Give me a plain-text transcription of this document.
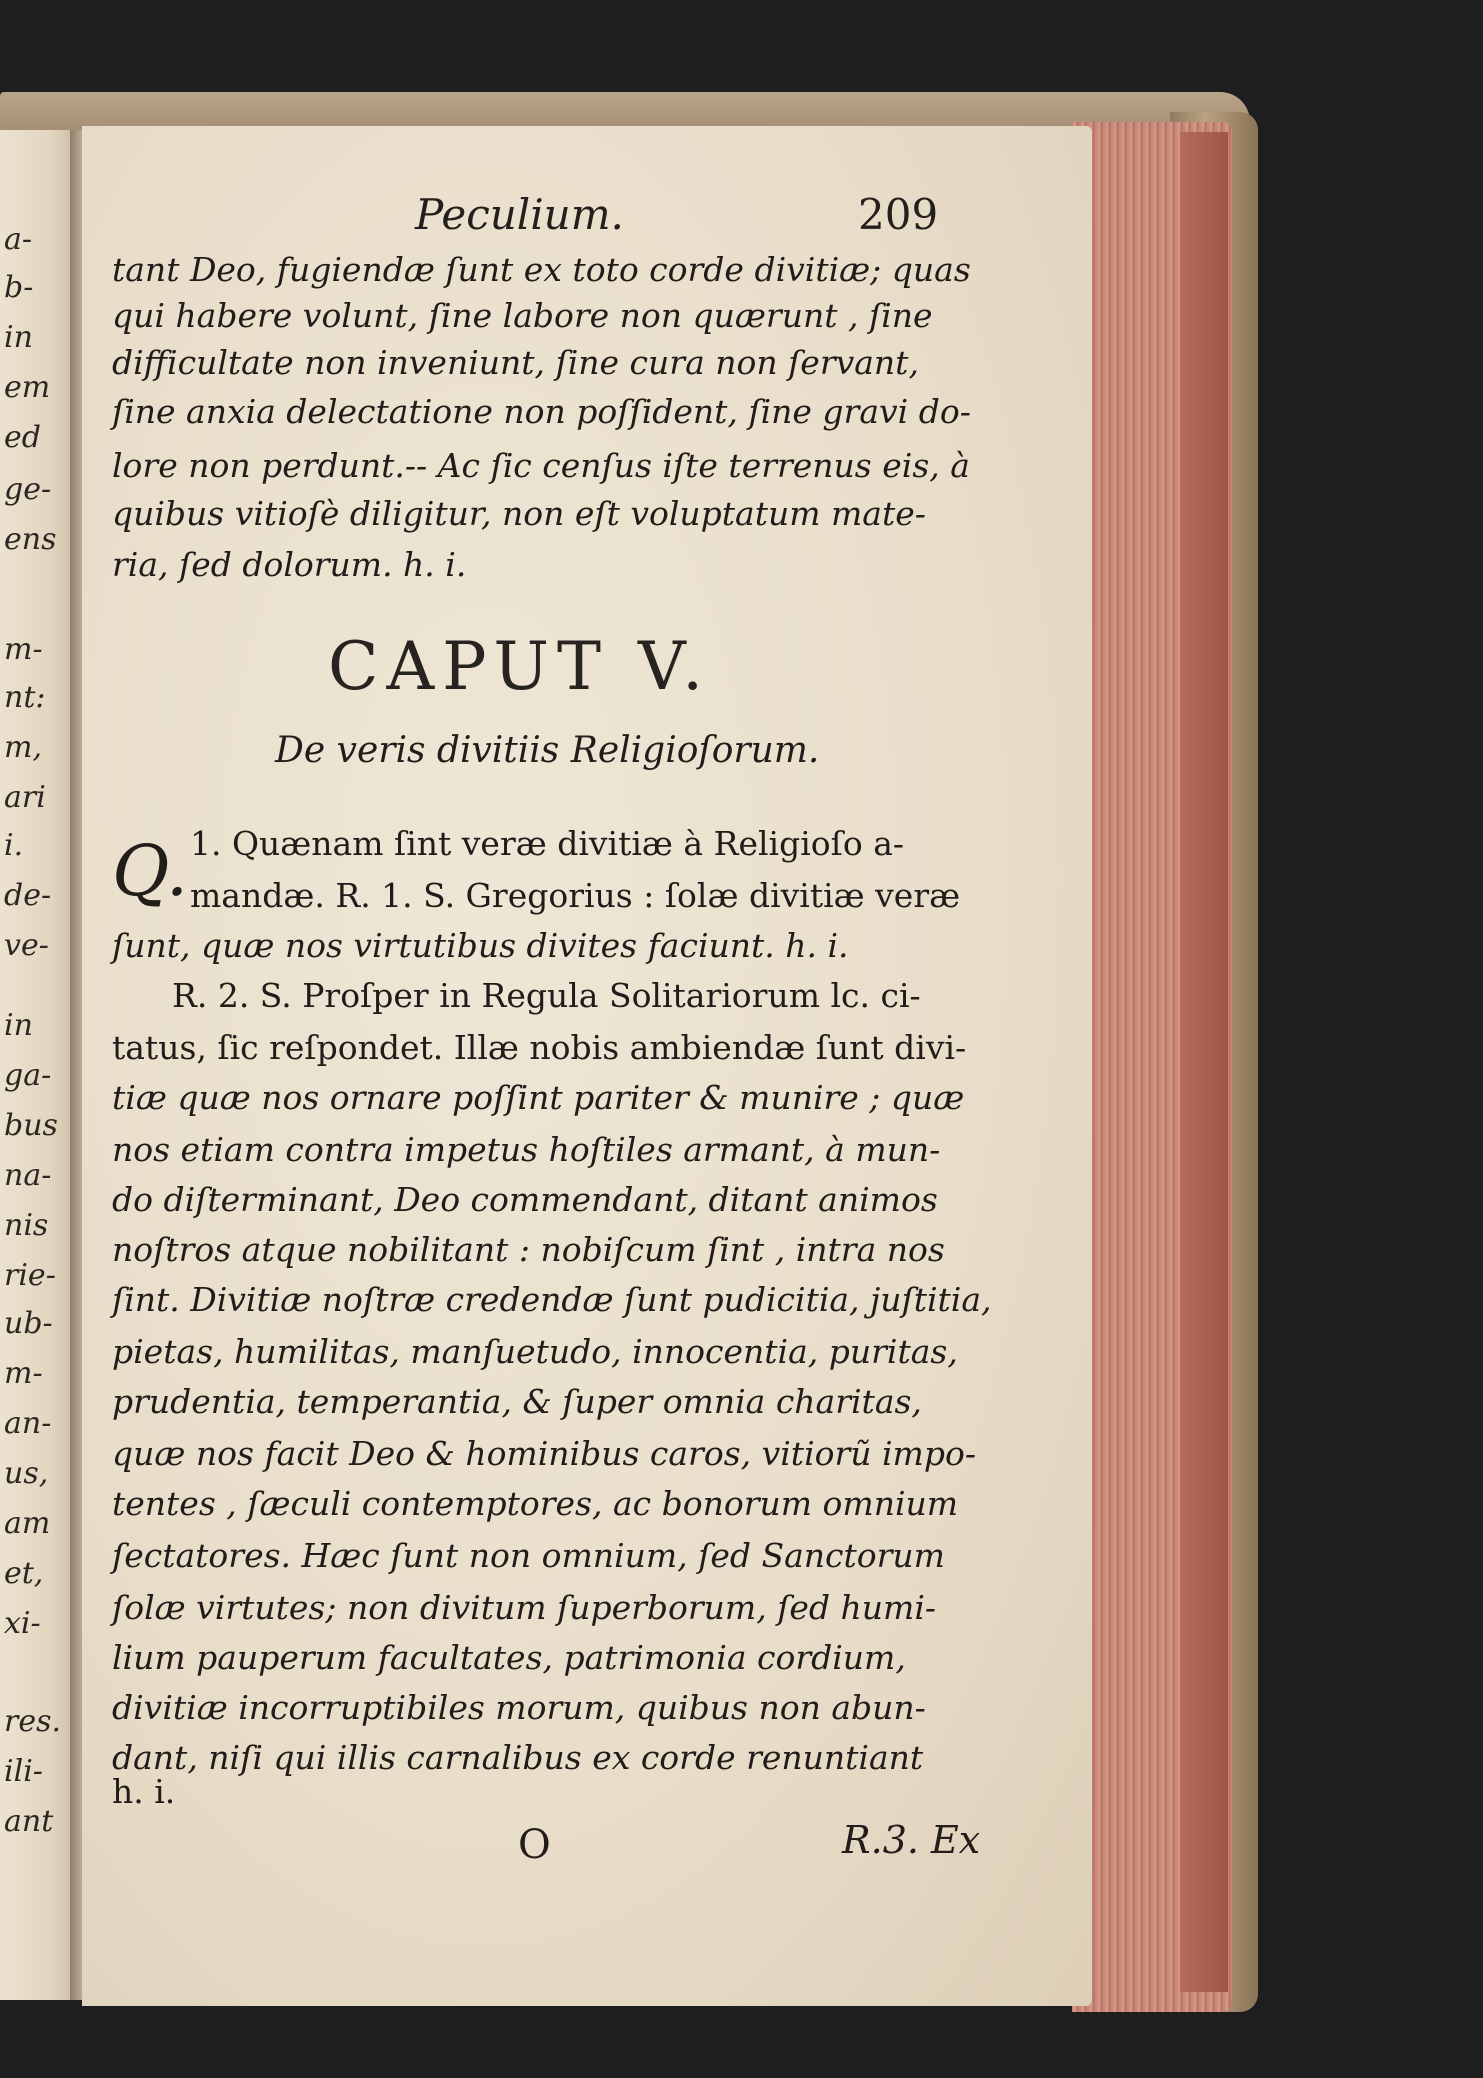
a-
b-
in
em
ed
ge-
ens
m-
nt:
m,
ari
i.
de-
ve-
in
ga-
bus
na-
nis
rie-
ub-
m-
an-
us,
am
et,
xi-
res.
ili-
ant
Peculium.	209
tant Deo, fugiendæ ſunt ex toto corde divitiæ; quas
qui habere volunt, ſine labore non quærunt , ſine
difficultate non inveniunt, ſine cura non ſervant,
ſine anxia delectatione non poſſident, ſine gravi do-
lore non perdunt.-- Ac ſic cenſus iſte terrenus eis, à
quibus vitioſè diligitur, non eſt voluptatum mate-
ria, ſed dolorum. h. i.
CAPUT V.
De veris divitiis Religioſorum.
Q. 1. Quænam ſint veræ divitiæ à Religioſo a-
mandæ. R. 1. S. Gregorius : ſolæ divitiæ veræ
ſunt, quæ nos virtutibus divites faciunt. h. i.
R. 2. S. Proſper in Regula Solitariorum lc. ci-
tatus, ſic reſpondet. Illæ nobis ambiendæ ſunt divi-
tiæ quæ nos ornare poſſint pariter & munire ; quæ
nos etiam contra impetus hoſtiles armant, à mun-
do diſterminant, Deo commendant, ditant animos
noſtros atque nobilitant : nobiſcum ſint , intra nos
ſint. Divitiæ noſtræ credendæ ſunt pudicitia, juſtitia,
pietas, humilitas, manſuetudo, innocentia, puritas,
prudentia, temperantia, & ſuper omnia charitas,
quæ nos facit Deo & hominibus caros, vitiorũ impo-
tentes , ſæculi contemptores, ac bonorum omnium
ſectatores. Hæc ſunt non omnium, ſed Sanctorum
ſolæ virtutes; non divitum ſuperborum, ſed humi-
lium pauperum facultates, patrimonia cordium,
divitiæ incorruptibiles morum, quibus non abun-
dant, niſi qui illis carnalibus ex corde renuntiant
h. i.
O	R.3. Ex
